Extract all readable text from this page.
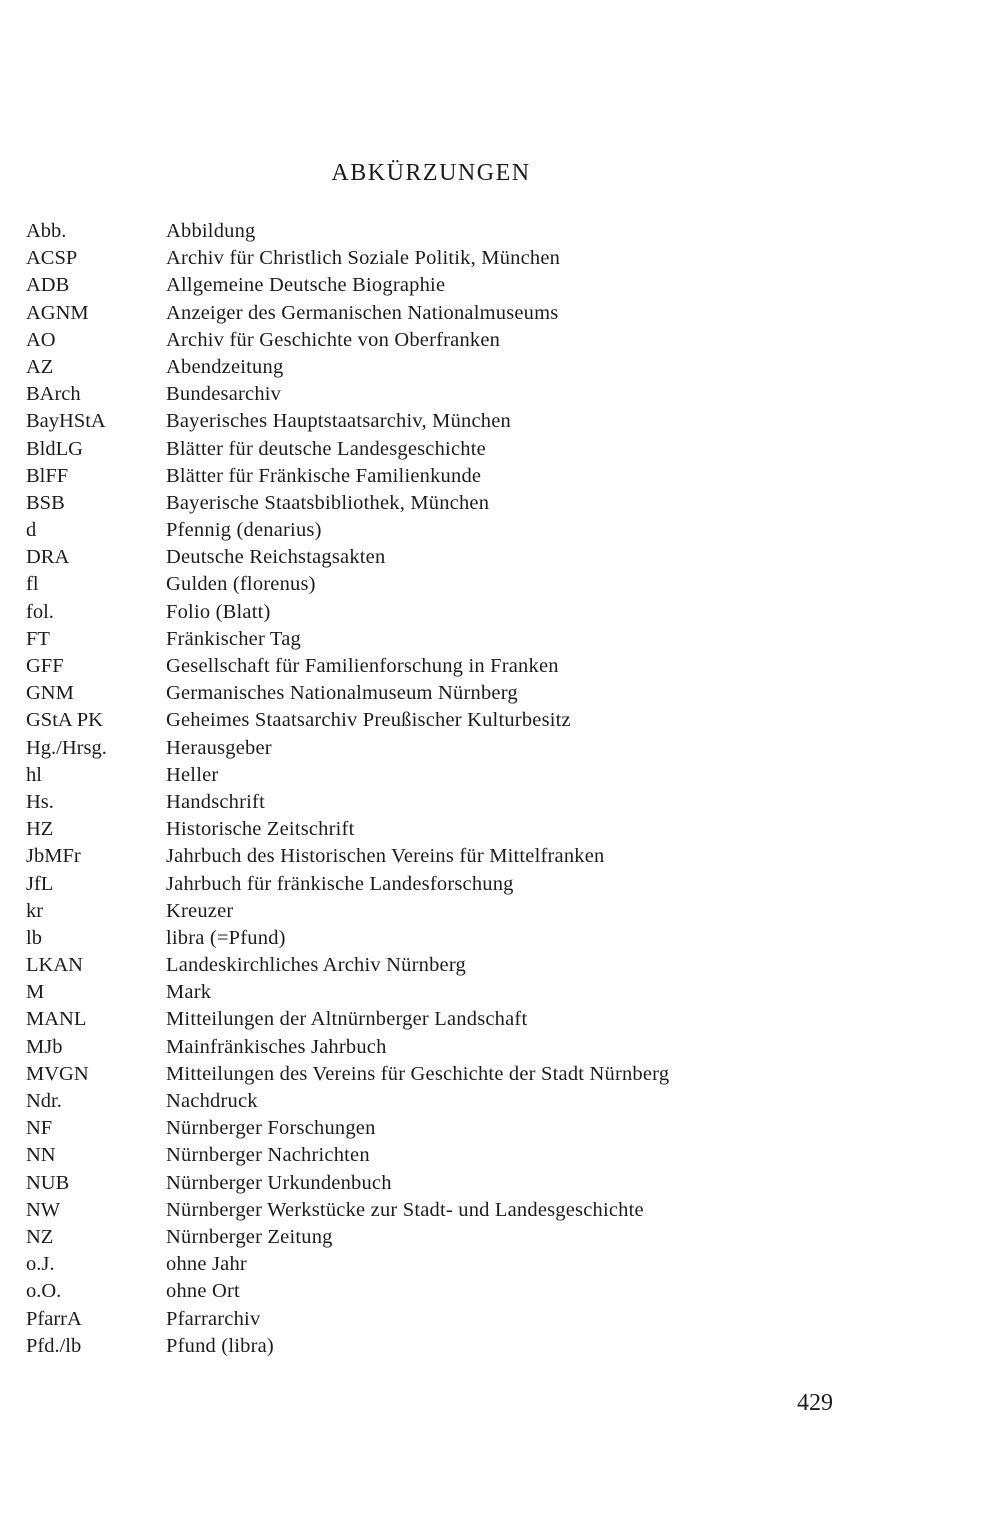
ABKÜRZUNGEN
Abb.	Abbildung
ACSP	Archiv für Christlich Soziale Politik, München
ADB	Allgemeine Deutsche Biographie
AGNM	Anzeiger des Germanischen Nationalmuseums
AO	Archiv für Geschichte von Oberfranken
AZ	Abendzeitung
BArch	Bundesarchiv
BayHStA	Bayerisches Hauptstaatsarchiv, München
BldLG	Blätter für deutsche Landesgeschichte
BlFF	Blätter für Fränkische Familienkunde
BSB	Bayerische Staatsbibliothek, München
d	Pfennig (denarius)
DRA	Deutsche Reichstagsakten
fl	Gulden (florenus)
fol.	Folio (Blatt)
FT	Fränkischer Tag
GFF	Gesellschaft für Familienforschung in Franken
GNM	Germanisches Nationalmuseum Nürnberg
GStA PK	Geheimes Staatsarchiv Preußischer Kulturbesitz
Hg./Hrsg.	Herausgeber
hl	Heller
Hs.	Handschrift
HZ	Historische Zeitschrift
JbMFr	Jahrbuch des Historischen Vereins für Mittelfranken
JfL	Jahrbuch für fränkische Landesforschung
kr	Kreuzer
lb	libra (=Pfund)
LKAN	Landeskirchliches Archiv Nürnberg
M	Mark
MANL	Mitteilungen der Altnürnberger Landschaft
MJb	Mainfränkisches Jahrbuch
MVGN	Mitteilungen des Vereins für Geschichte der Stadt Nürnberg
Ndr.	Nachdruck
NF	Nürnberger Forschungen
NN	Nürnberger Nachrichten
NUB	Nürnberger Urkundenbuch
NW	Nürnberger Werkstücke zur Stadt- und Landesgeschichte
NZ	Nürnberger Zeitung
o.J.	ohne Jahr
o.O.	ohne Ort
PfarrA	Pfarrarchiv
Pfd./lb	Pfund (libra)
429
